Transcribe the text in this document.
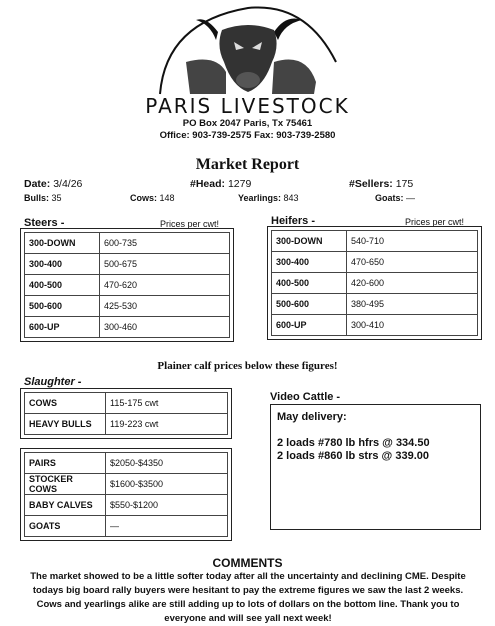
PARIS LIVESTOCK
PO Box 2047 Paris, Tx 75461
Office: 903-739-2575 Fax: 903-739-2580
Market Report
Date: 3/4/26	#Head: 1279	#Sellers: 175
Bulls: 35	Cows: 148	Yearlings: 843	Goats: —
Steers -	Prices per cwt!
300-DOWN	600-735
300-400	500-675
400-500	470-620
500-600	425-530
600-UP	300-460
Heifers -	Prices per cwt!
300-DOWN	540-710
300-400	470-650
400-500	420-600
500-600	380-495
600-UP	300-410
Plainer calf prices below these figures!
Slaughter -
COWS	115-175 cwt
HEAVY BULLS	119-223 cwt
PAIRS	$2050-$4350
STOCKER COWS	$1600-$3500
BABY CALVES	$550-$1200
GOATS	—
Video Cattle -
May delivery:
2 loads #780 lb hfrs @ 334.50
2 loads #860 lb strs @ 339.00
COMMENTS
The market showed to be a little softer today after all the uncertainty and declining CME. Despite todays big board rally buyers were hesitant to pay the extreme figures we saw the last 2 weeks. Cows and yearlings alike are still adding up to lots of dollars on the bottom line. Thank you to everyone and will see yall next week!
